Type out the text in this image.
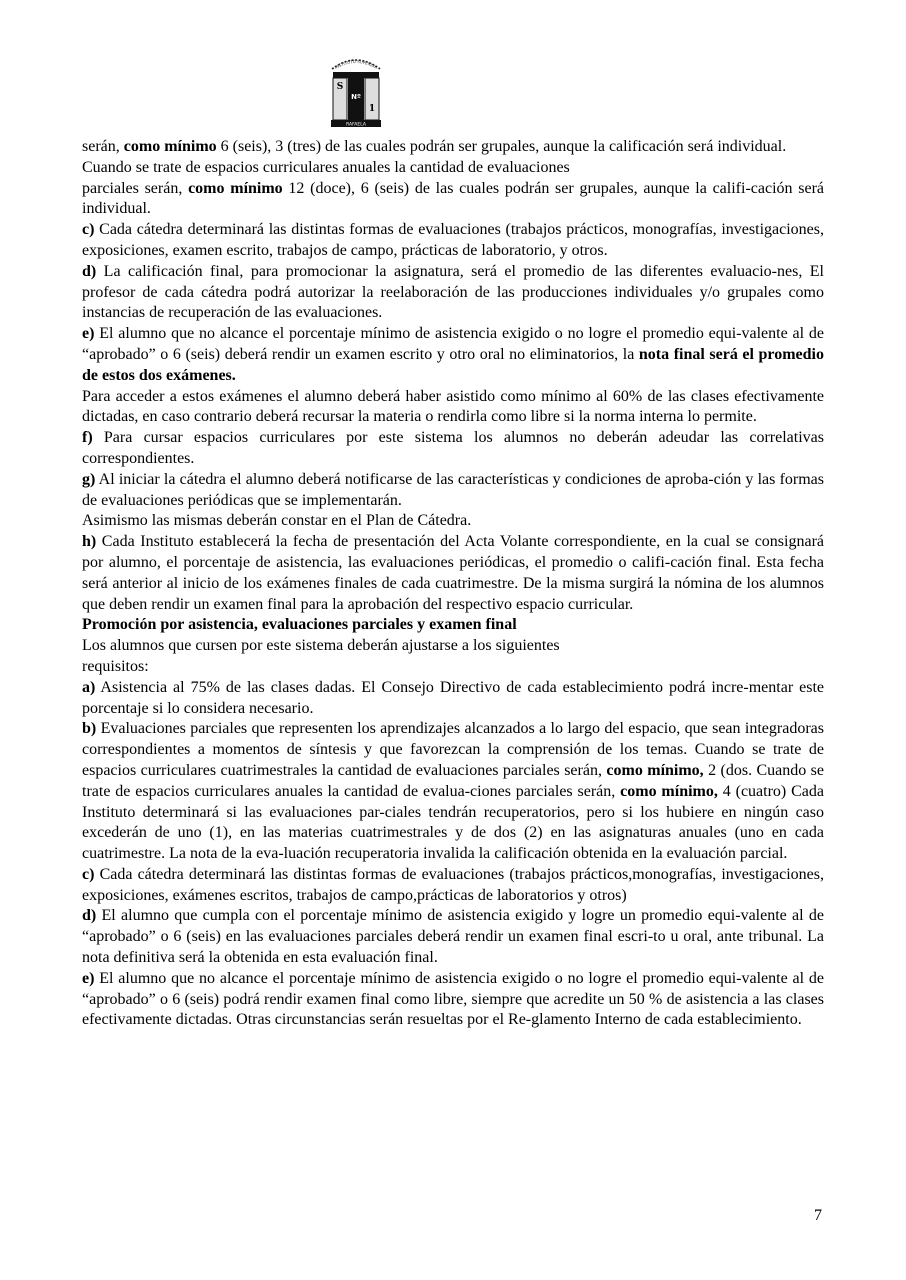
INSTITUTO SUPERIOR
S
Nº
1
RAFAELA

serán, como mínimo 6 (seis), 3 (tres) de las cuales podrán ser grupales, aunque la calificación será individual.

Cuando se trate de espacios curriculares anuales la cantidad de evaluaciones

parciales serán, como mínimo 12 (doce), 6 (seis) de las cuales podrán ser grupales, aunque la califi-cación será individual.

c) Cada cátedra determinará las distintas formas de evaluaciones (trabajos prácticos, monografías, investigaciones, exposiciones, examen escrito, trabajos de campo, prácticas de laboratorio, y otros.

d) La calificación final, para promocionar la asignatura, será el promedio de las diferentes evaluacio-nes, El profesor de cada cátedra podrá autorizar la reelaboración de las producciones individuales y/o grupales como instancias de recuperación de las evaluaciones.

e) El alumno que no alcance el porcentaje mínimo de asistencia exigido o no logre el promedio equi-valente al de “aprobado” o 6 (seis) deberá rendir un examen escrito y otro oral no eliminatorios, la nota final será el promedio de estos dos exámenes.

Para acceder a estos exámenes el alumno deberá haber asistido como mínimo al 60% de las clases efectivamente dictadas, en caso contrario deberá recursar la materia o rendirla como libre si la norma interna lo permite.

f) Para cursar espacios curriculares por este sistema los alumnos no deberán adeudar las correlativas correspondientes.

g) Al iniciar la cátedra el alumno deberá notificarse de las características y condiciones de aproba-ción y las formas de evaluaciones periódicas que se implementarán.

Asimismo las mismas deberán constar en el Plan de Cátedra.

h) Cada Instituto establecerá la fecha de presentación del Acta Volante correspondiente, en la cual se consignará por alumno, el porcentaje de asistencia, las evaluaciones periódicas, el promedio o califi-cación final. Esta fecha será anterior al inicio de los exámenes finales de cada cuatrimestre. De la misma surgirá la nómina de los alumnos que deben rendir un examen final para la aprobación del respectivo espacio curricular.

Promoción por asistencia, evaluaciones parciales y examen final

Los alumnos que cursen por este sistema deberán ajustarse a los siguientes

requisitos:

a) Asistencia al 75% de las clases dadas. El Consejo Directivo de cada establecimiento podrá incre-mentar este porcentaje si lo considera necesario.

b) Evaluaciones parciales que representen los aprendizajes alcanzados a lo largo del espacio, que sean integradoras correspondientes a momentos de síntesis y que favorezcan la comprensión de los temas. Cuando se trate de espacios curriculares cuatrimestrales la cantidad de evaluaciones parciales serán, como mínimo, 2 (dos. Cuando se trate de espacios curriculares anuales la cantidad de evalua-ciones parciales serán, como mínimo, 4 (cuatro) Cada Instituto determinará si las evaluaciones par-ciales tendrán recuperatorios, pero si los hubiere en ningún caso excederán de uno (1), en las materias cuatrimestrales y de dos (2) en las asignaturas anuales (uno en cada cuatrimestre. La nota de la eva-luación recuperatoria invalida la calificación obtenida en la evaluación parcial.

c) Cada cátedra determinará las distintas formas de evaluaciones (trabajos prácticos,monografías, investigaciones, exposiciones, exámenes escritos, trabajos de campo,prácticas de laboratorios y otros)

d) El alumno que cumpla con el porcentaje mínimo de asistencia exigido y logre un promedio equi-valente al de “aprobado” o 6 (seis) en las evaluaciones parciales deberá rendir un examen final escri-to u oral, ante tribunal. La nota definitiva será la obtenida en esta evaluación final.

e) El alumno que no alcance el porcentaje mínimo de asistencia exigido o no logre el promedio equi-valente al de “aprobado” o 6 (seis) podrá rendir examen final como libre, siempre que acredite un 50 % de asistencia a las clases efectivamente dictadas. Otras circunstancias serán resueltas por el Re-glamento Interno de cada establecimiento.

7
